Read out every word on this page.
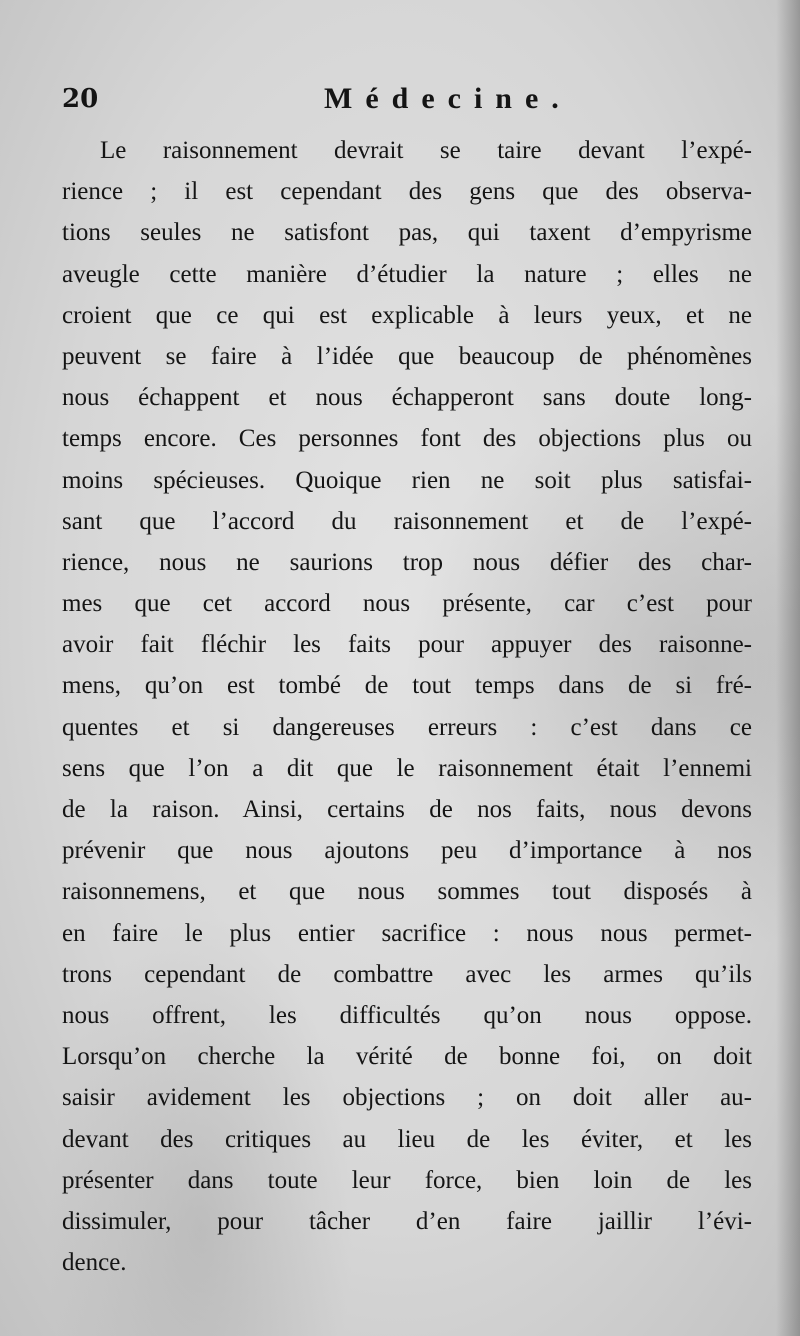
20	Médecine.
Le raisonnement devrait se taire devant l’expé-
rience ; il est cependant des gens que des observa-
tions seules ne satisfont pas, qui taxent d’empyrisme
aveugle cette manière d’étudier la nature ; elles ne
croient que ce qui est explicable à leurs yeux, et ne
peuvent se faire à l’idée que beaucoup de phénomènes
nous échappent et nous échapperont sans doute long-
temps encore. Ces personnes font des objections plus ou
moins spécieuses. Quoique rien ne soit plus satisfai-
sant que l’accord du raisonnement et de l’expé-
rience, nous ne saurions trop nous défier des char-
mes que cet accord nous présente, car c’est pour
avoir fait fléchir les faits pour appuyer des raisonne-
mens, qu’on est tombé de tout temps dans de si fré-
quentes et si dangereuses erreurs : c’est dans ce
sens que l’on a dit que le raisonnement était l’ennemi
de la raison. Ainsi, certains de nos faits, nous devons
prévenir que nous ajoutons peu d’importance à nos
raisonnemens, et que nous sommes tout disposés à
en faire le plus entier sacrifice : nous nous permet-
trons cependant de combattre avec les armes qu’ils
nous offrent, les difficultés qu’on nous oppose.
Lorsqu’on cherche la vérité de bonne foi, on doit
saisir avidement les objections ; on doit aller au-
devant des critiques au lieu de les éviter, et les
présenter dans toute leur force, bien loin de les
dissimuler, pour tâcher d’en faire jaillir l’évi-
dence.
